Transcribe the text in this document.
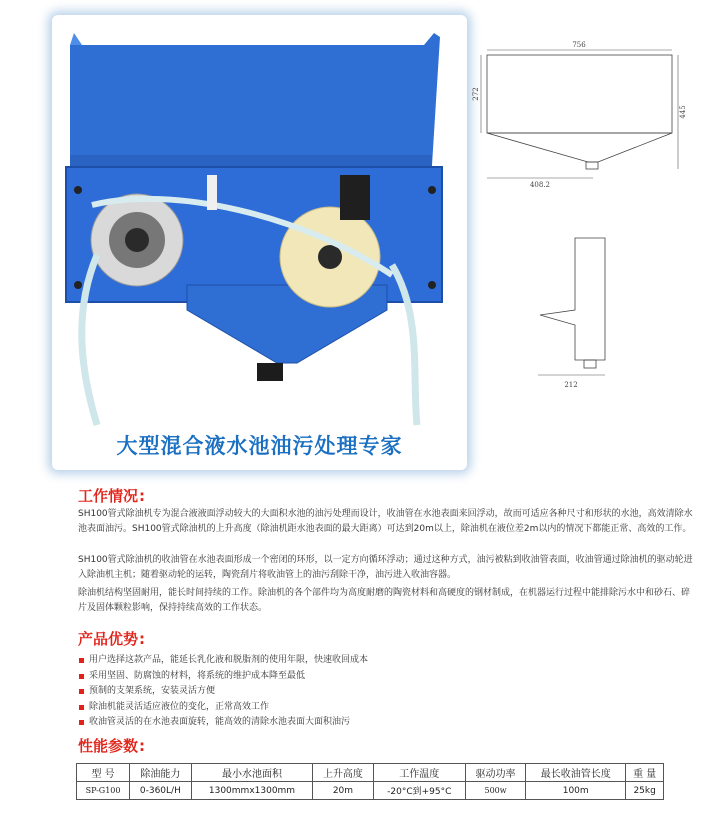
大型混合液水池油污处理专家
756
272
445
408.2
212
工作情况:
SH100管式除油机专为混合液液面浮动较大的大面积水池的油污处理而设计，收油管在水池表面来回浮动，故而可适应各种尺寸和形状的水池，高效清除水池表面油污。SH100管式除油机的上升高度（除油机距水池表面的最大距离）可达到20m以上，除油机在液位差2m以内的情况下都能正常、高效的工作。
SH100管式除油机的收油管在水池表面形成一个密闭的环形，以一定方向循环浮动；通过这种方式，油污被粘到收油管表面，收油管通过除油机的驱动轮进入除油机主机；随着驱动轮的运转，陶瓷刮片将收油管上的油污刮除干净，油污进入收油容器。
除油机结构坚固耐用，能长时间持续的工作。除油机的各个部件均为高度耐磨的陶瓷材料和高硬度的钢材制成，在机器运行过程中能排除污水中和砂石、碎片及固体颗粒影响，保持持续高效的工作状态。
产品优势:
用户选择这款产品，能延长乳化液和脱脂剂的使用年限，快速收回成本
采用坚固、防腐蚀的材料，将系统的维护成本降至最低
预制的支架系统，安装灵活方便
除油机能灵活适应液位的变化，正常高效工作
收油管灵活的在水池表面旋转，能高效的清除水池表面大面积油污
性能参数:
型 号	除油能力	最小水池面积	上升高度	工作温度	驱动功率	最长收油管长度	重 量
SP-G100	0-360L/H	1300mmx1300mm	20m	-20°C到+95°C	500w	100m	25kg
